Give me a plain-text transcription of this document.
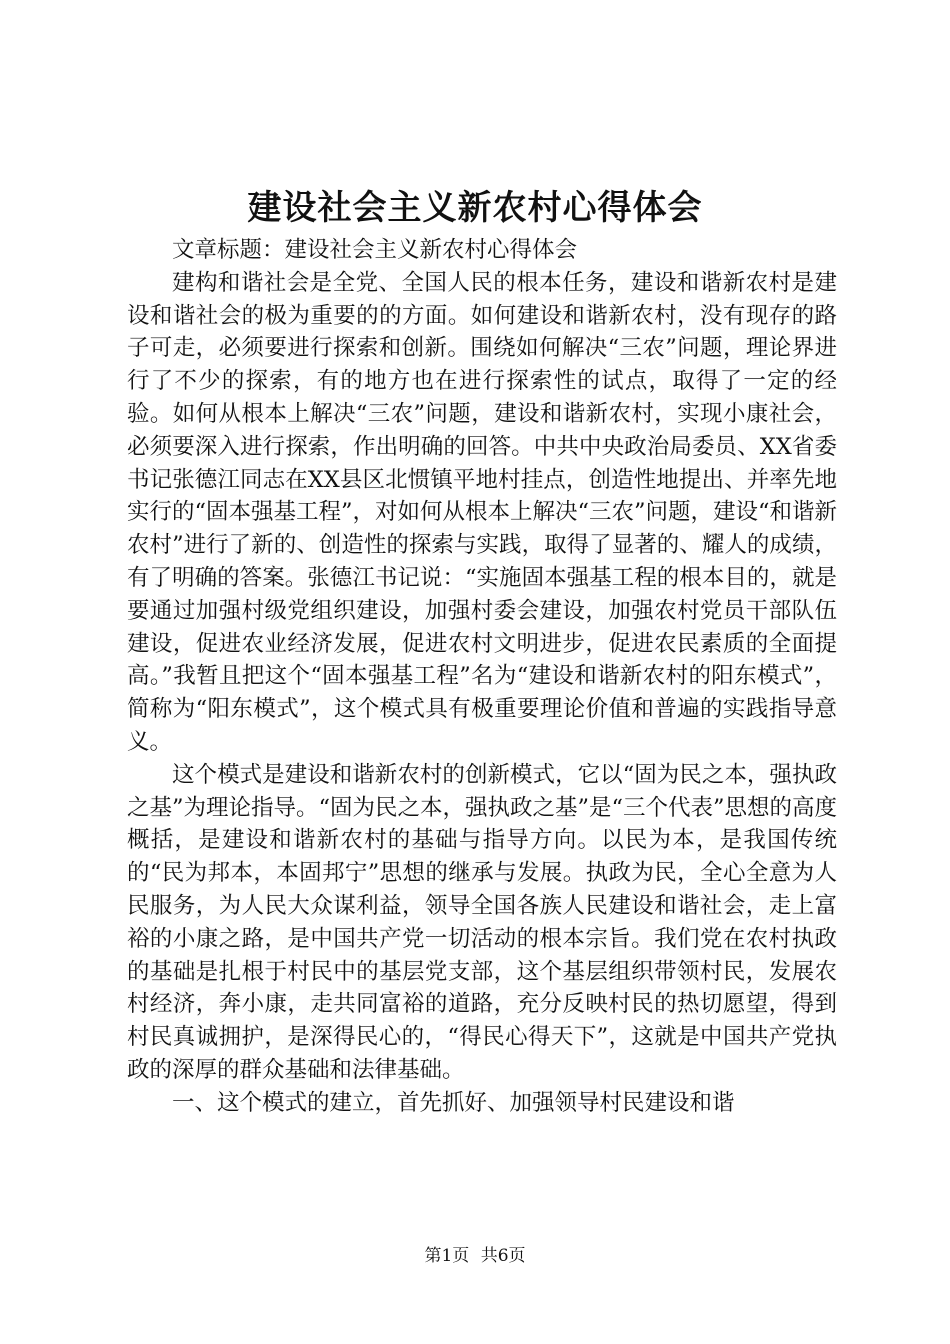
建设社会主义新农村心得体会

文章标题：建设社会主义新农村心得体会

建构和谐社会是全党、全国人民的根本任务，建设和谐新农村是建设和谐社会的极为重要的的方面。如何建设和谐新农村，没有现存的路子可走，必须要进行探索和创新。围绕如何解决“三农”问题，理论界进行了不少的探索，有的地方也在进行探索性的试点，取得了一定的经验。如何从根本上解决“三农”问题，建设和谐新农村，实现小康社会，必须要深入进行探索，作出明确的回答。中共中央政治局委员、XX省委书记张德江同志在XX县区北惯镇平地村挂点，创造性地提出、并率先地实行的“固本强基工程”，对如何从根本上解决“三农”问题，建设“和谐新农村”进行了新的、创造性的探索与实践，取得了显著的、耀人的成绩，有了明确的答案。张德江书记说：“实施固本强基工程的根本目的，就是要通过加强村级党组织建设，加强村委会建设，加强农村党员干部队伍建设，促进农业经济发展，促进农村文明进步，促进农民素质的全面提高。”我暂且把这个“固本强基工程”名为“建设和谐新农村的阳东模式”，简称为“阳东模式”，这个模式具有极重要理论价值和普遍的实践指导意义。

这个模式是建设和谐新农村的创新模式，它以“固为民之本，强执政之基”为理论指导。“固为民之本，强执政之基”是“三个代表”思想的高度概括，是建设和谐新农村的基础与指导方向。以民为本，是我国传统的“民为邦本，本固邦宁”思想的继承与发展。执政为民，全心全意为人民服务，为人民大众谋利益，领导全国各族人民建设和谐社会，走上富裕的小康之路，是中国共产党一切活动的根本宗旨。我们党在农村执政的基础是扎根于村民中的基层党支部，这个基层组织带领村民，发展农村经济，奔小康，走共同富裕的道路，充分反映村民的热切愿望，得到村民真诚拥护，是深得民心的，“得民心得天下”，这就是中国共产党执政的深厚的群众基础和法律基础。

一、这个模式的建立，首先抓好、加强领导村民建设和谐

第1页 共6页
